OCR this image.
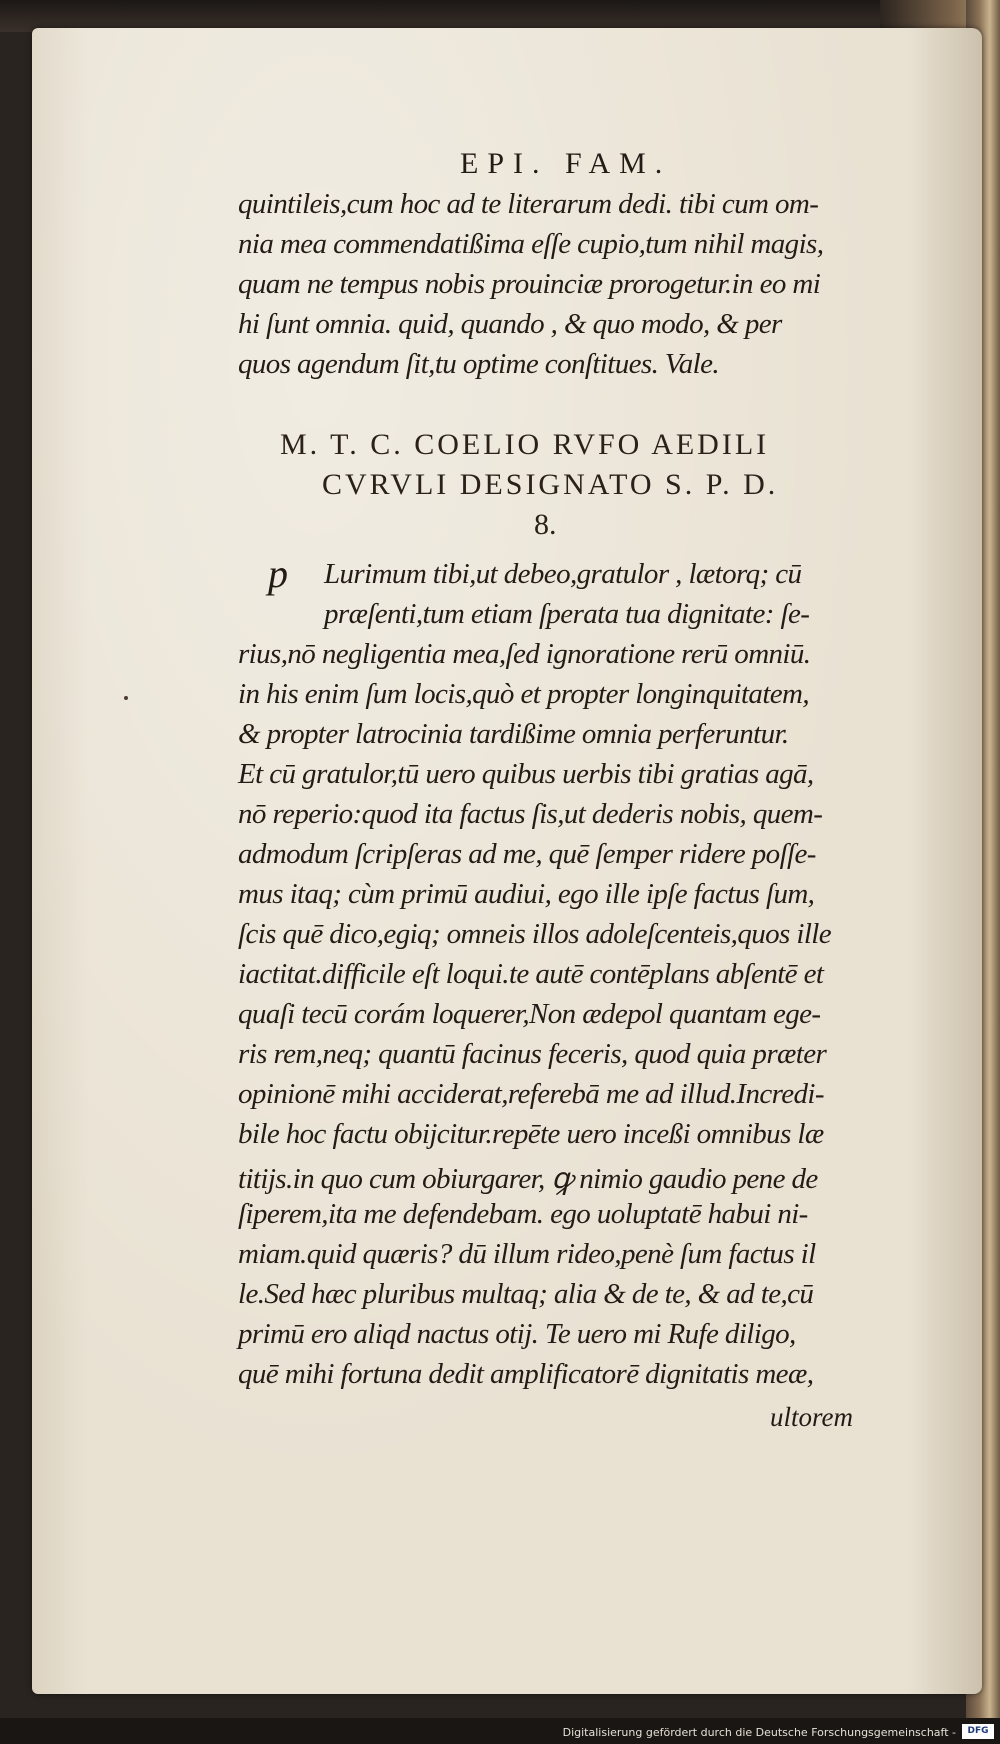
EPI. FAM.
quintileis,cum hoc ad te literarum dedi. tibi cum om-
nia mea commendatißima eſſe cupio,tum nihil magis,
quam ne tempus nobis prouinciæ prorogetur.in eo mi
hi ſunt omnia. quid, quando , & quo modo, & per
quos agendum ſit,tu optime conſtitues. Vale.
M. T. C. COELIO RVFO AEDILI
CVRVLI DESIGNATO S. P. D.
8.
p Lurimum tibi,ut debeo,gratulor , lætorq; cū
præſenti,tum etiam ſperata tua dignitate: ſe-
rius,nō negligentia mea,ſed ignoratione rerū omniū.
in his enim ſum locis,quò et propter longinquitatem,
& propter latrocinia tardißime omnia perferuntur.
Et cū gratulor,tū uero quibus uerbis tibi gratias agā,
nō reperio:quod ita factus ſis,ut dederis nobis, quem-
admodum ſcripſeras ad me, quē ſemper ridere poſſe-
mus itaq; cùm primū audiui, ego ille ipſe factus ſum,
ſcis quē dico,egiq; omneis illos adoleſcenteis,quos ille
iactitat.difficile eſt loqui.te autē contēplans abſentē et
quaſi tecū corám loquerer,Non ædepol quantam ege-
ris rem,neq; quantū facinus feceris, quod quia præter
opinionē mihi acciderat,referebā me ad illud.Incredi-
bile hoc factu obijcitur.repēte uero inceßi omnibus læ
titijs.in quo cum obiurgarer, ꝙ nimio gaudio pene de
ſiperem,ita me defendebam. ego uoluptatē habui ni-
miam.quid quæris? dū illum rideo,penè ſum factus il
le.Sed hæc pluribus multaq; alia & de te, & ad te,cū
primū ero aliqd nactus otij. Te uero mi Rufe diligo,
quē mihi fortuna dedit amplificatorē dignitatis meæ,
ultorem
Digitalisierung gefördert durch die Deutsche Forschungsgemeinschaft -	DFG
